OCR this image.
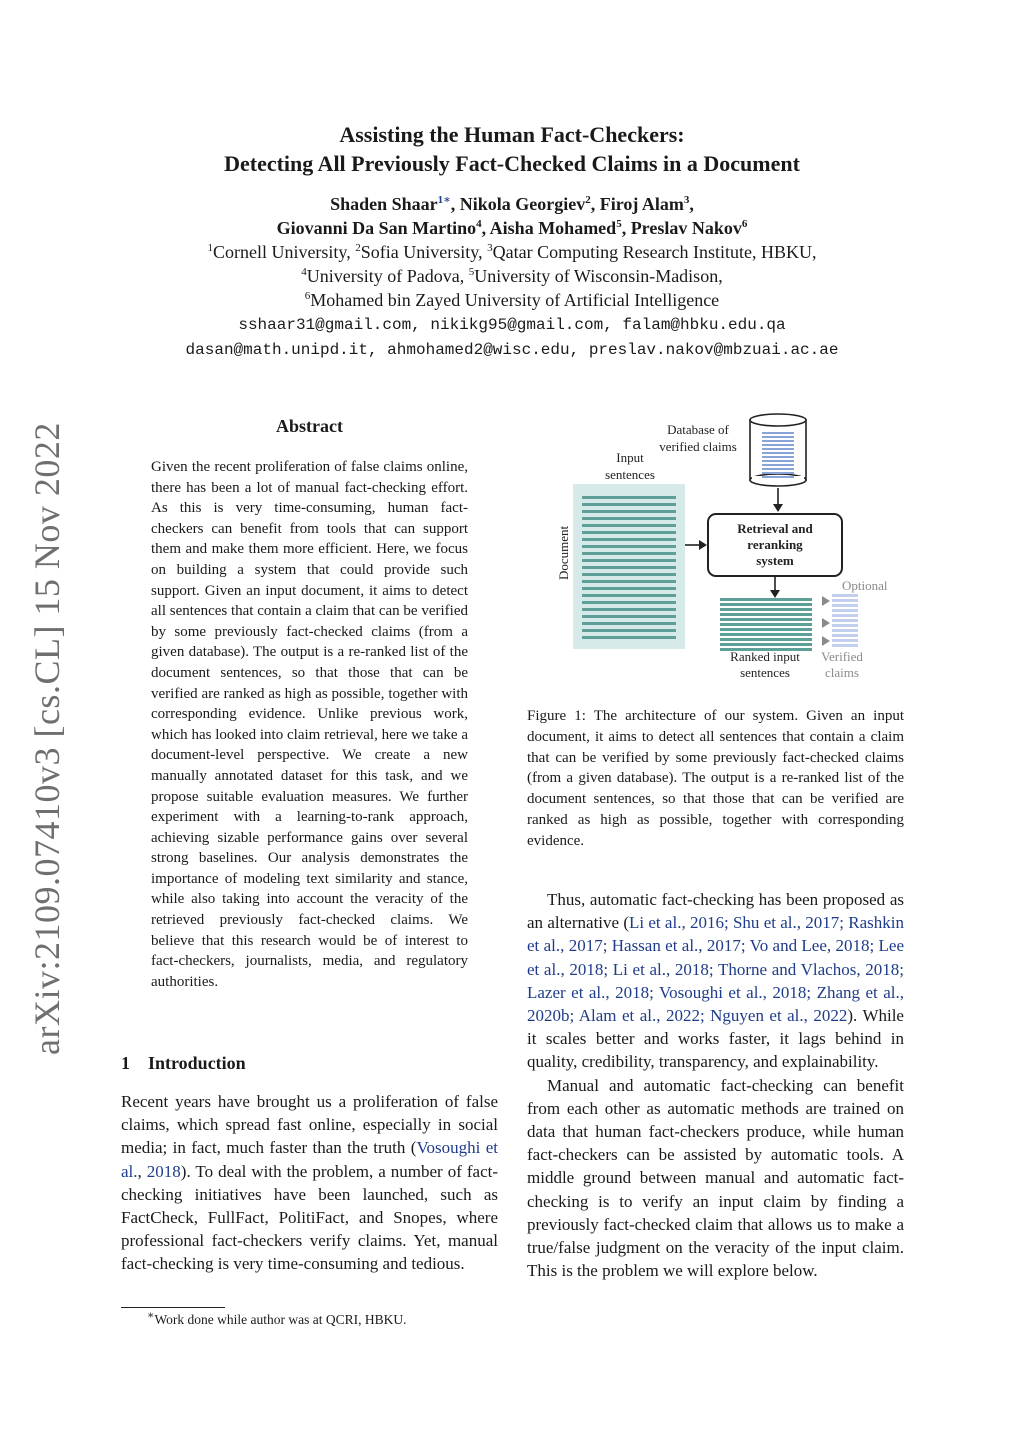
arXiv:2109.07410v3 [cs.CL] 15 Nov 2022
Assisting the Human Fact-Checkers:
Detecting All Previously Fact-Checked Claims in a Document
Shaden Shaar$^{1∗}$, Nikola Georgiev$^2$, Firoj Alam$^3$,
Giovanni Da San Martino$^4$, Aisha Mohamed$^5$, Preslav Nakov$^6$
$^1$Cornell University, $^2$Sofia University, $^3$Qatar Computing Research Institute, HBKU,
$^4$University of Padova, $^5$University of Wisconsin-Madison,
$^6$Mohamed bin Zayed University of Artificial Intelligence
sshaar31@gmail.com, nikikg95@gmail.com, falam@hbku.edu.qa
dasan@math.unipd.it, ahmohamed2@wisc.edu, preslav.nakov@mbzuai.ac.ae
Abstract
Given the recent proliferation of false claims online, there has been a lot of manual fact-checking effort. As this is very time-consuming, human fact-checkers can benefit from tools that can support them and make them more efficient. Here, we focus on building a system that could provide such support. Given an input document, it aims to detect all sentences that contain a claim that can be verified by some previously fact-checked claims (from a given database). The output is a re-ranked list of the document sentences, so that those that can be verified are ranked as high as possible, together with corresponding evidence. Unlike previous work, which has looked into claim retrieval, here we take a document-level perspective. We create a new manually annotated dataset for this task, and we propose suitable evaluation measures. We further experiment with a learning-to-rank approach, achieving sizable performance gains over several strong baselines. Our analysis demonstrates the importance of modeling text similarity and stance, while also taking into account the veracity of the retrieved previously fact-checked claims. We believe that this research would be of interest to fact-checkers, journalists, media, and regulatory authorities.
1 Introduction

Recent years have brought us a proliferation of false claims, which spread fast online, especially in social media; in fact, much faster than the truth (Vosoughi et al., 2018). To deal with the problem, a number of fact-checking initiatives have been launched, such as FactCheck, FullFact, PolitiFact, and Snopes, where professional fact-checkers verify claims. Yet, manual fact-checking is very time-consuming and tedious.

∗Work done while author was at QCRI, HBKU.
Document
Input
sentences
Database of
verified claims
Retrieval and
reranking
system
Ranked input
sentences
Optional
Verified
claims
Figure 1: The architecture of our system. Given an input document, it aims to detect all sentences that contain a claim that can be verified by some previously fact-checked claims (from a given database). The output is a re-ranked list of the document sentences, so that those that can be verified are ranked as high as possible, together with corresponding evidence.

Thus, automatic fact-checking has been proposed as an alternative (Li et al., 2016; Shu et al., 2017; Rashkin et al., 2017; Hassan et al., 2017; Vo and Lee, 2018; Lee et al., 2018; Li et al., 2018; Thorne and Vlachos, 2018; Lazer et al., 2018; Vosoughi et al., 2018; Zhang et al., 2020b; Alam et al., 2022; Nguyen et al., 2022). While it scales better and works faster, it lags behind in quality, credibility, transparency, and explainability.

Manual and automatic fact-checking can benefit from each other as automatic methods are trained on data that human fact-checkers produce, while human fact-checkers can be assisted by automatic tools. A middle ground between manual and automatic fact-checking is to verify an input claim by finding a previously fact-checked claim that allows us to make a true/false judgment on the veracity of the input claim. This is the problem we will explore below.
